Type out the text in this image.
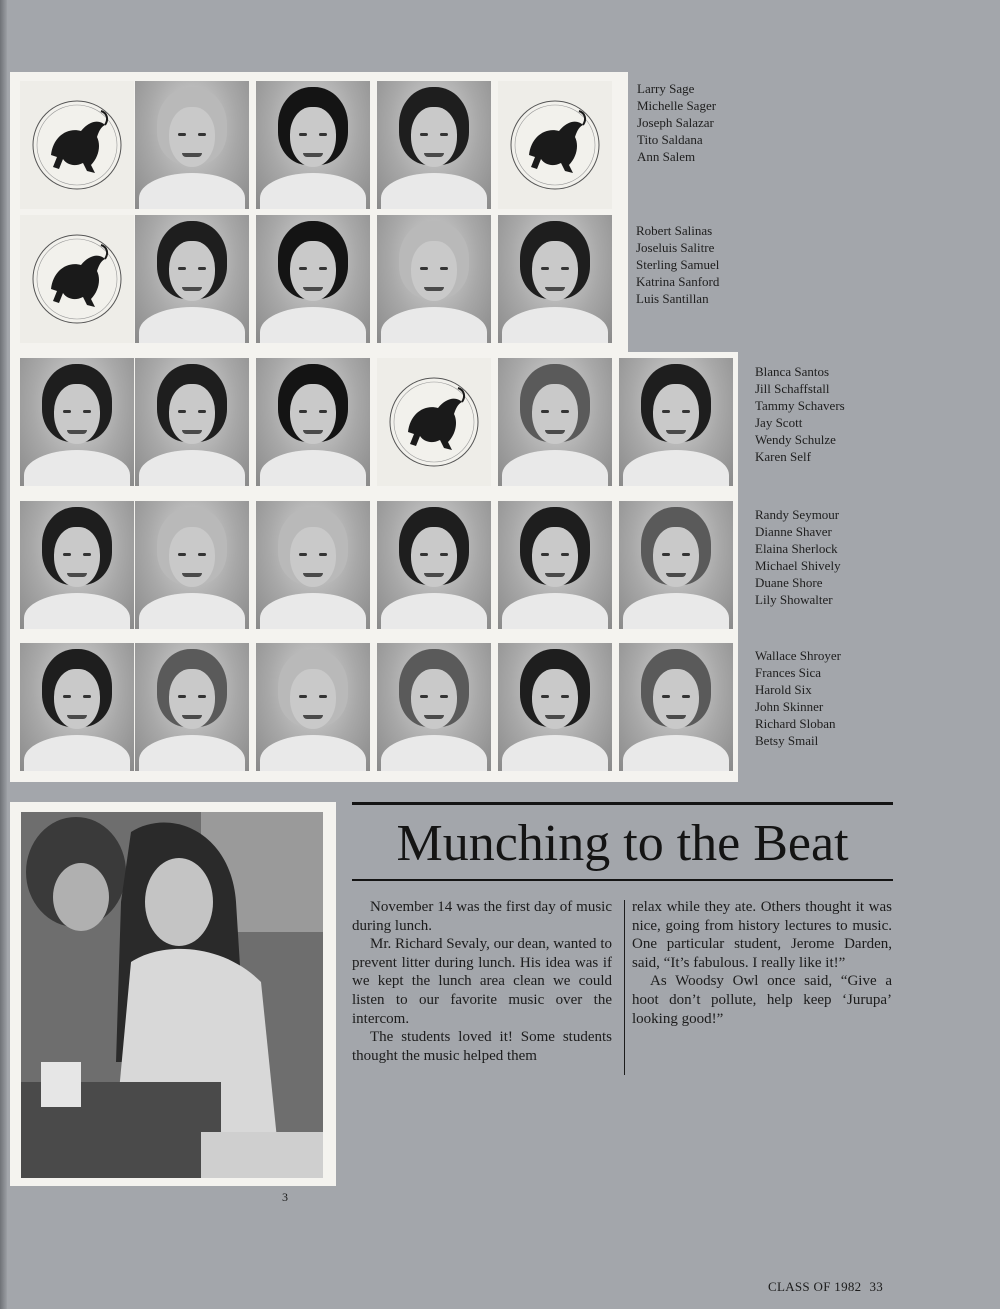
Larry Sage
Michelle Sager
Joseph Salazar
Tito Saldana
Ann Salem
Robert Salinas
Joseluis Salitre
Sterling Samuel
Katrina Sanford
Luis Santillan
Blanca Santos
Jill Schaffstall
Tammy Schavers
Jay Scott
Wendy Schulze
Karen Self
Randy Seymour
Dianne Shaver
Elaina Sherlock
Michael Shively
Duane Shore
Lily Showalter
Wallace Shroyer
Frances Sica
Harold Six
John Skinner
Richard Sloban
Betsy Smail
3
Munching to the Beat

November 14 was the first day of music during lunch.

Mr. Richard Sevaly, our dean, wanted to prevent litter during lunch. His idea was if we kept the lunch area clean we could listen to our favorite music over the intercom.

The students loved it! Some students thought the music helped them

relax while they ate. Others thought it was nice, going from history lectures to music. One particular student, Jerome Darden, said, “It’s fabulous. I really like it!”

As Woodsy Owl once said, “Give a hoot don’t pollute, help keep ‘Jurupa’ looking good!”

CLASS OF 1982 33
